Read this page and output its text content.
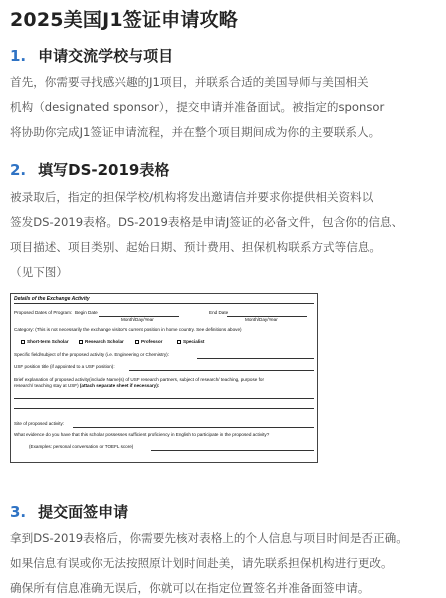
2025美国J1签证申请攻略
1. 申请交流学校与项目
首先，你需要寻找感兴趣的J1项目，并联系合适的美国导师与美国相关
机构（designated sponsor），提交申请并准备面试。被指定的sponsor
将协助你完成J1签证申请流程，并在整个项目期间成为你的主要联系人。
2. 填写DS-2019表格
被录取后，指定的担保学校/机构将发出邀请信并要求你提供相关资料以
签发DS-2019表格。DS-2019表格是申请J签证的必备文件，包含你的信息、
项目描述、项目类别、起始日期、预计费用、担保机构联系方式等信息。
（见下图）
Details of the Exchange Activity
Proposed Dates of Program: Begin Date
Month/Day/Year
End Date
Month/Day/Year
Category: (This is not necessarily the exchange visitor's current position in home country. See definitions above)
Short-term Scholar	Research Scholar	Professor	Specialist
Specific field/subject of the proposed activity (i.e. Engineering or Chemistry):
USF position title (if appointed to a USF position):
Brief explanation of proposed activity(include Name(s) of USF research partners, subject of research/ teaching, purpose for
research/ teaching stay at USF) (attach separate sheet if necessary):
Site of proposed activity:
What evidence do you have that this scholar possesses sufficient proficiency in English to participate in the proposed activity?
(Examples: personal conversation or TOEFL score)
3. 提交面签申请
拿到DS-2019表格后，你需要先核对表格上的个人信息与项目时间是否正确。
如果信息有误或你无法按照原计划时间赴美，请先联系担保机构进行更改。
确保所有信息准确无误后，你就可以在指定位置签名并准备面签申请。
